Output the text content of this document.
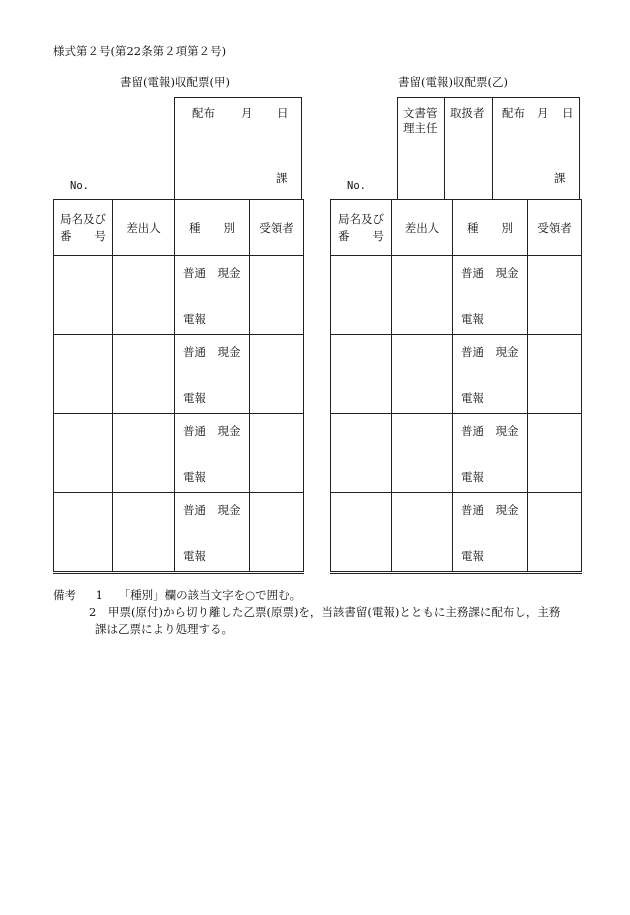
様式第２号(第22条第２項第２号)
書留(電報)収配票(甲)	書留(電報)収配票(乙)
No.
配布 月 日
課
No.
文書管
理主任
取扱者 配布 月 日
課
局名及び
番　　 号	差出人	種　　 別	受領者

		普通　現金
電報	

		普通　現金
電報	

		普通　現金
電報	

		普通　現金
電報	

局名及び
番　　 号	差出人	種　　 別	受領者

		普通　現金
電報	

		普通　現金
電報	

		普通　現金
電報	

		普通　現金
電報	

備考 1 「種別」欄の該当文字を○で囲む。
2 甲票(原付)から切り離した乙票(原票)を，当該書留(電報)とともに主務課に配布し，主務
課は乙票により処理する。
